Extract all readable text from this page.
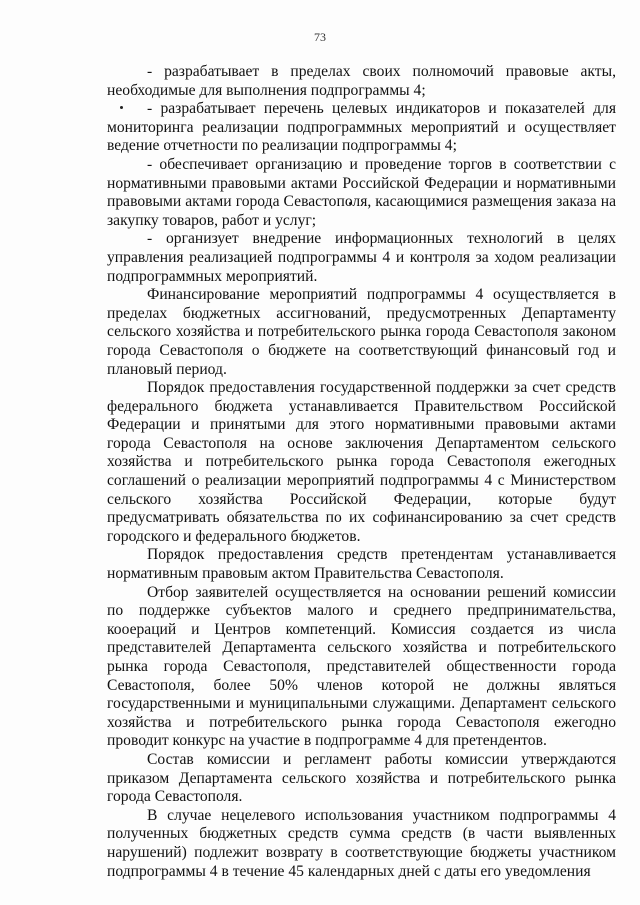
73

- разрабатывает в пределах своих полномочий правовые акты, необходимые для выполнения подпрограммы 4;

- разрабатывает перечень целевых индикаторов и показателей для мониторинга реализации подпрограммных мероприятий и осуществляет ведение отчетности по реализации подпрограммы 4;

- обеспечивает организацию и проведение торгов в соответствии с нормативными правовыми актами Российской Федерации и нормативными правовыми актами города Севастополя, касающимися размещения заказа на закупку товаров, работ и услуг;

- организует внедрение информационных технологий в целях управления реализацией подпрограммы 4 и контроля за ходом реализации подпрограммных мероприятий.

Финансирование мероприятий подпрограммы 4 осуществляется в пределах бюджетных ассигнований, предусмотренных Департаменту сельского хозяйства и потребительского рынка города Севастополя законом города Севастополя о бюджете на соответствующий финансовый год и плановый период.

Порядок предоставления государственной поддержки за счет средств федерального бюджета устанавливается Правительством Российской Федерации и принятыми для этого нормативными правовыми актами города Севастополя на основе заключения Департаментом сельского хозяйства и потребительского рынка города Севастополя ежегодных соглашений о реализации мероприятий подпрограммы 4 с Министерством сельского хозяйства Российской Федерации, которые будут предусматривать обязательства по их софинансированию за счет средств городского и федерального бюджетов.

Порядок предоставления средств претендентам устанавливается нормативным правовым актом Правительства Севастополя.

Отбор заявителей осуществляется на основании решений комиссии по поддержке субъектов малого и среднего предпринимательства, кооераций и Центров компетенций. Комиссия создается из числа представителей Департамента сельского хозяйства и потребительского рынка города Севастополя, представителей общественности города Севастополя, более 50% членов которой не должны являться государственными и муниципальными служащими. Департамент сельского хозяйства и потребительского рынка города Севастополя ежегодно проводит конкурс на участие в подпрограмме 4 для претендентов.

Состав комиссии и регламент работы комиссии утверждаются приказом Департамента сельского хозяйства и потребительского рынка города Севастополя.

В случае нецелевого использования участником подпрограммы 4 полученных бюджетных средств сумма средств (в части выявленных нарушений) подлежит возврату в соответствующие бюджеты участником подпрограммы 4 в течение 45 календарных дней с даты его уведомления
